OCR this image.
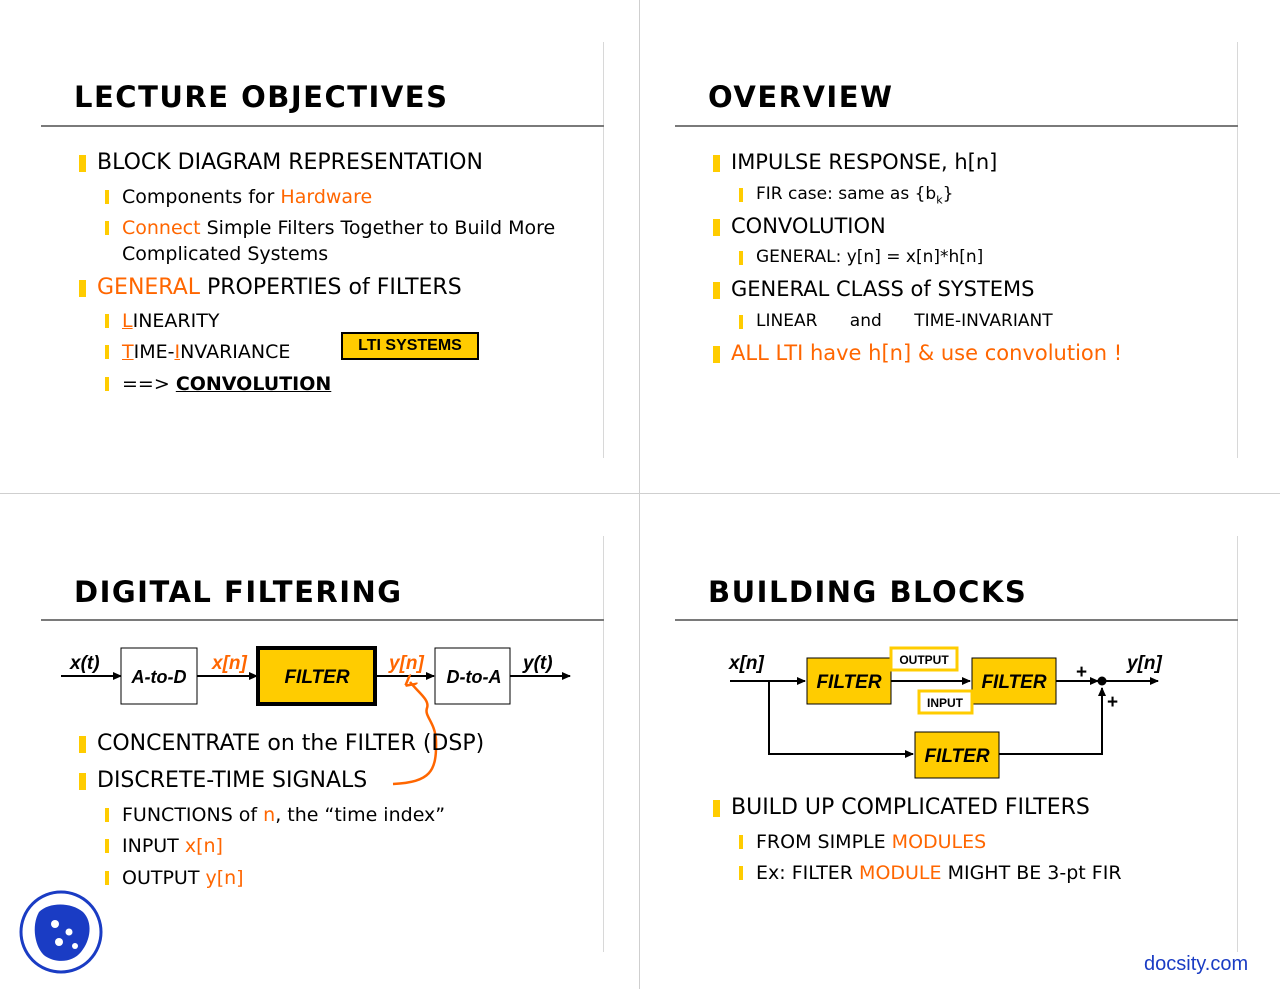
LECTURE OBJECTIVES
BLOCK DIAGRAM REPRESENTATION
Components for Hardware
Connect Simple Filters Together to Build More
Complicated Systems
GENERAL PROPERTIES of FILTERS
LINEARITY
TIME-INVARIANCE
==> CONVOLUTION
LTI SYSTEMS
OVERVIEW
IMPULSE RESPONSE, h[n]
FIR case: same as $\{b_k\}$
CONVOLUTION
GENERAL: y[n] = x[n]*h[n]
GENERAL CLASS of SYSTEMS
LINEAR      and      TIME-INVARIANT
ALL LTI have h[n] & use convolution !
DIGITAL FILTERING
x(t)
A-to-D
x[n]
FILTER
y[n]
D-to-A
y(t)
CONCENTRATE on the FILTER (DSP)
DISCRETE-TIME SIGNALS
FUNCTIONS of n, the “time index”
INPUT x[n]
OUTPUT y[n]
BUILDING BLOCKS
OUTPUT
INPUT
x[n]
FILTER	FILTER
FILTER
+
+
y[n]
BUILD UP COMPLICATED FILTERS
FROM SIMPLE MODULES
Ex: FILTER MODULE MIGHT BE 3-pt FIR
docsity.com
